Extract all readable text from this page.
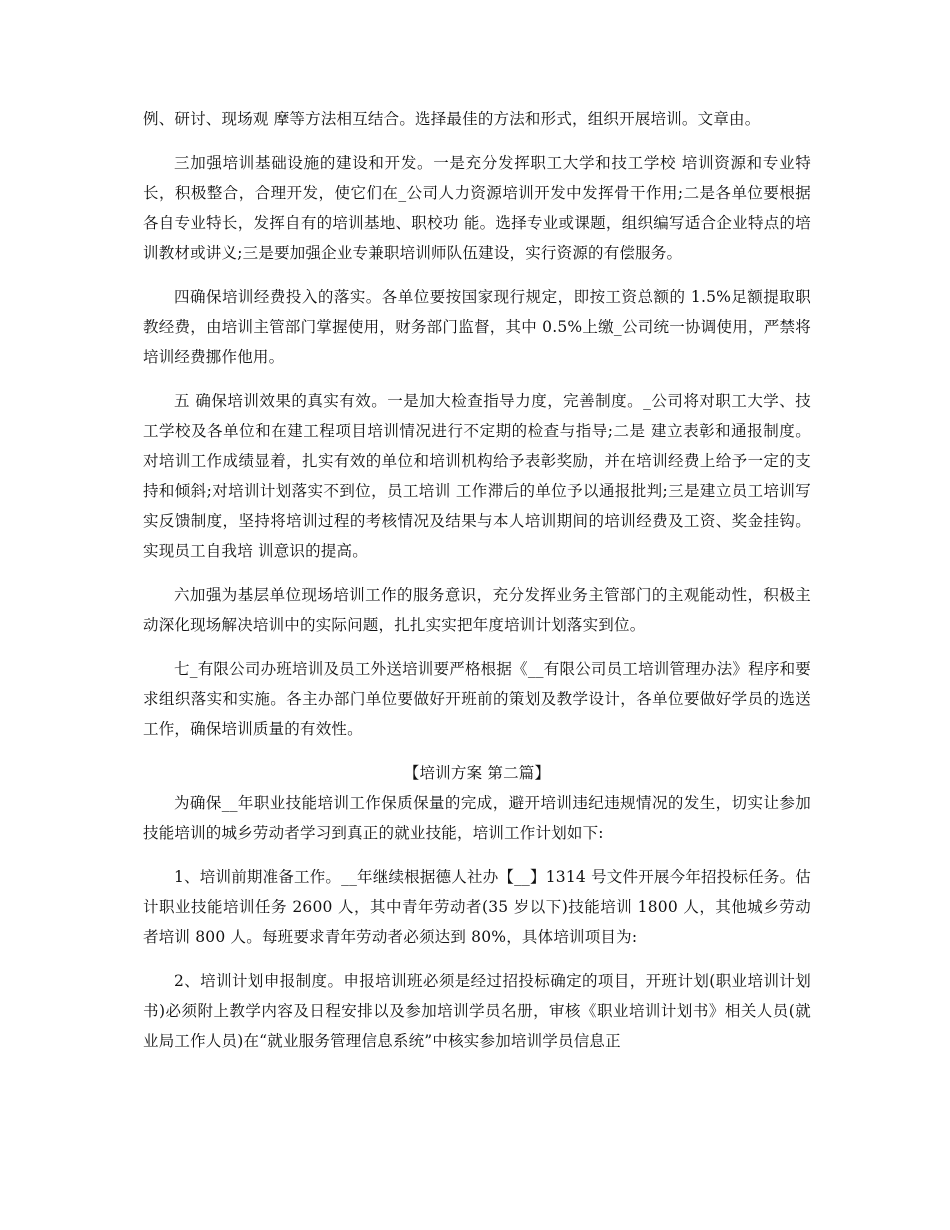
例、研讨、现场观 摩等方法相互结合。选择最佳的方法和形式，组织开展培训。文章由。

三加强培训基础设施的建设和开发。一是充分发挥职工大学和技工学校 培训资源和专业特长，积极整合，合理开发，使它们在_公司人力资源培训开发中发挥骨干作用;二是各单位要根据各自专业特长，发挥自有的培训基地、职校功 能。选择专业或课题，组织编写适合企业特点的培训教材或讲义;三是要加强企业专兼职培训师队伍建设，实行资源的有偿服务。

四确保培训经费投入的落实。各单位要按国家现行规定，即按工资总额的 1.5%足额提取职教经费，由培训主管部门掌握使用，财务部门监督，其中 0.5%上缴_公司统一协调使用，严禁将培训经费挪作他用。

五 确保培训效果的真实有效。一是加大检查指导力度，完善制度。_公司将对职工大学、技工学校及各单位和在建工程项目培训情况进行不定期的检查与指导;二是 建立表彰和通报制度。对培训工作成绩显着，扎实有效的单位和培训机构给予表彰奖励，并在培训经费上给予一定的支持和倾斜;对培训计划落实不到位，员工培训 工作滞后的单位予以通报批判;三是建立员工培训写实反馈制度，坚持将培训过程的考核情况及结果与本人培训期间的培训经费及工资、奖金挂钩。实现员工自我培 训意识的提高。

六加强为基层单位现场培训工作的服务意识，充分发挥业务主管部门的主观能动性，积极主动深化现场解决培训中的实际问题，扎扎实实把年度培训计划落实到位。

七_有限公司办班培训及员工外送培训要严格根据《__有限公司员工培训管理办法》程序和要求组织落实和实施。各主办部门单位要做好开班前的策划及教学设计，各单位要做好学员的选送工作，确保培训质量的有效性。

【培训方案 第二篇】

为确保__年职业技能培训工作保质保量的完成，避开培训违纪违规情况的发生，切实让参加技能培训的城乡劳动者学习到真正的就业技能，培训工作计划如下:

1、培训前期准备工作。__年继续根据德人社办【__】1314 号文件开展今年招投标任务。估计职业技能培训任务 2600 人，其中青年劳动者(35 岁以下)技能培训 1800 人，其他城乡劳动者培训 800 人。每班要求青年劳动者必须达到 80%，具体培训项目为:

2、培训计划申报制度。申报培训班必须是经过招投标确定的项目，开班计划(职业培训计划书)必须附上教学内容及日程安排以及参加培训学员名册，审核《职业培训计划书》相关人员(就业局工作人员)在“就业服务管理信息系统”中核实参加培训学员信息正
